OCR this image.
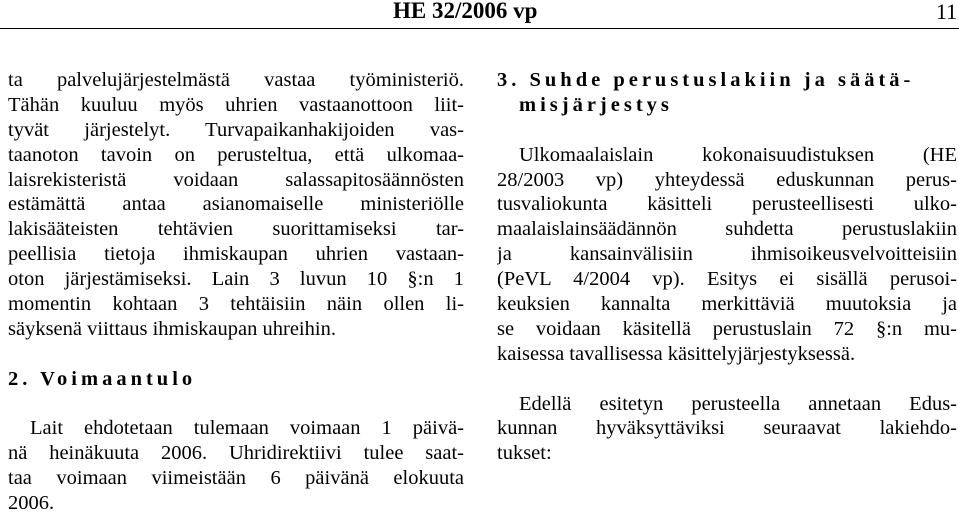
HE 32/2006 vp	11
ta palvelujärjestelmästä vastaa työministeriö.
Tähän kuuluu myös uhrien vastaanottoon liit-
tyvät järjestelyt. Turvapaikanhakijoiden vas-
taanoton tavoin on perusteltua, että ulkomaa-
laisrekisteristä voidaan salassapitosäännösten
estämättä antaa asianomaiselle ministeriölle
lakisääteisten tehtävien suorittamiseksi tar-
peellisia tietoja ihmiskaupan uhrien vastaan-
oton järjestämiseksi. Lain 3 luvun 10 §:n 1
momentin kohtaan 3 tehtäisiin näin ollen li-
säyksenä viittaus ihmiskaupan uhreihin.
2. Voimaantulo
Lait ehdotetaan tulemaan voimaan 1 päivä-
nä heinäkuuta 2006. Uhridirektiivi tulee saat-
taa voimaan viimeistään 6 päivänä elokuuta
2006.
3. Suhde perustuslakiin ja säätä-
misjärjestys
Ulkomaalaislain kokonaisuudistuksen (HE
28/2003 vp) yhteydessä eduskunnan perus-
tusvaliokunta käsitteli perusteellisesti ulko-
maalaislainsäädännön suhdetta perustuslakiin
ja kansainvälisiin ihmisoikeusvelvoitteisiin
(PeVL 4/2004 vp). Esitys ei sisällä perusoi-
keuksien kannalta merkittäviä muutoksia ja
se voidaan käsitellä perustuslain 72 §:n mu-
kaisessa tavallisessa käsittelyjärjestyksessä.
Edellä esitetyn perusteella annetaan Edus-
kunnan hyväksyttäviksi seuraavat lakiehdo-
tukset:
